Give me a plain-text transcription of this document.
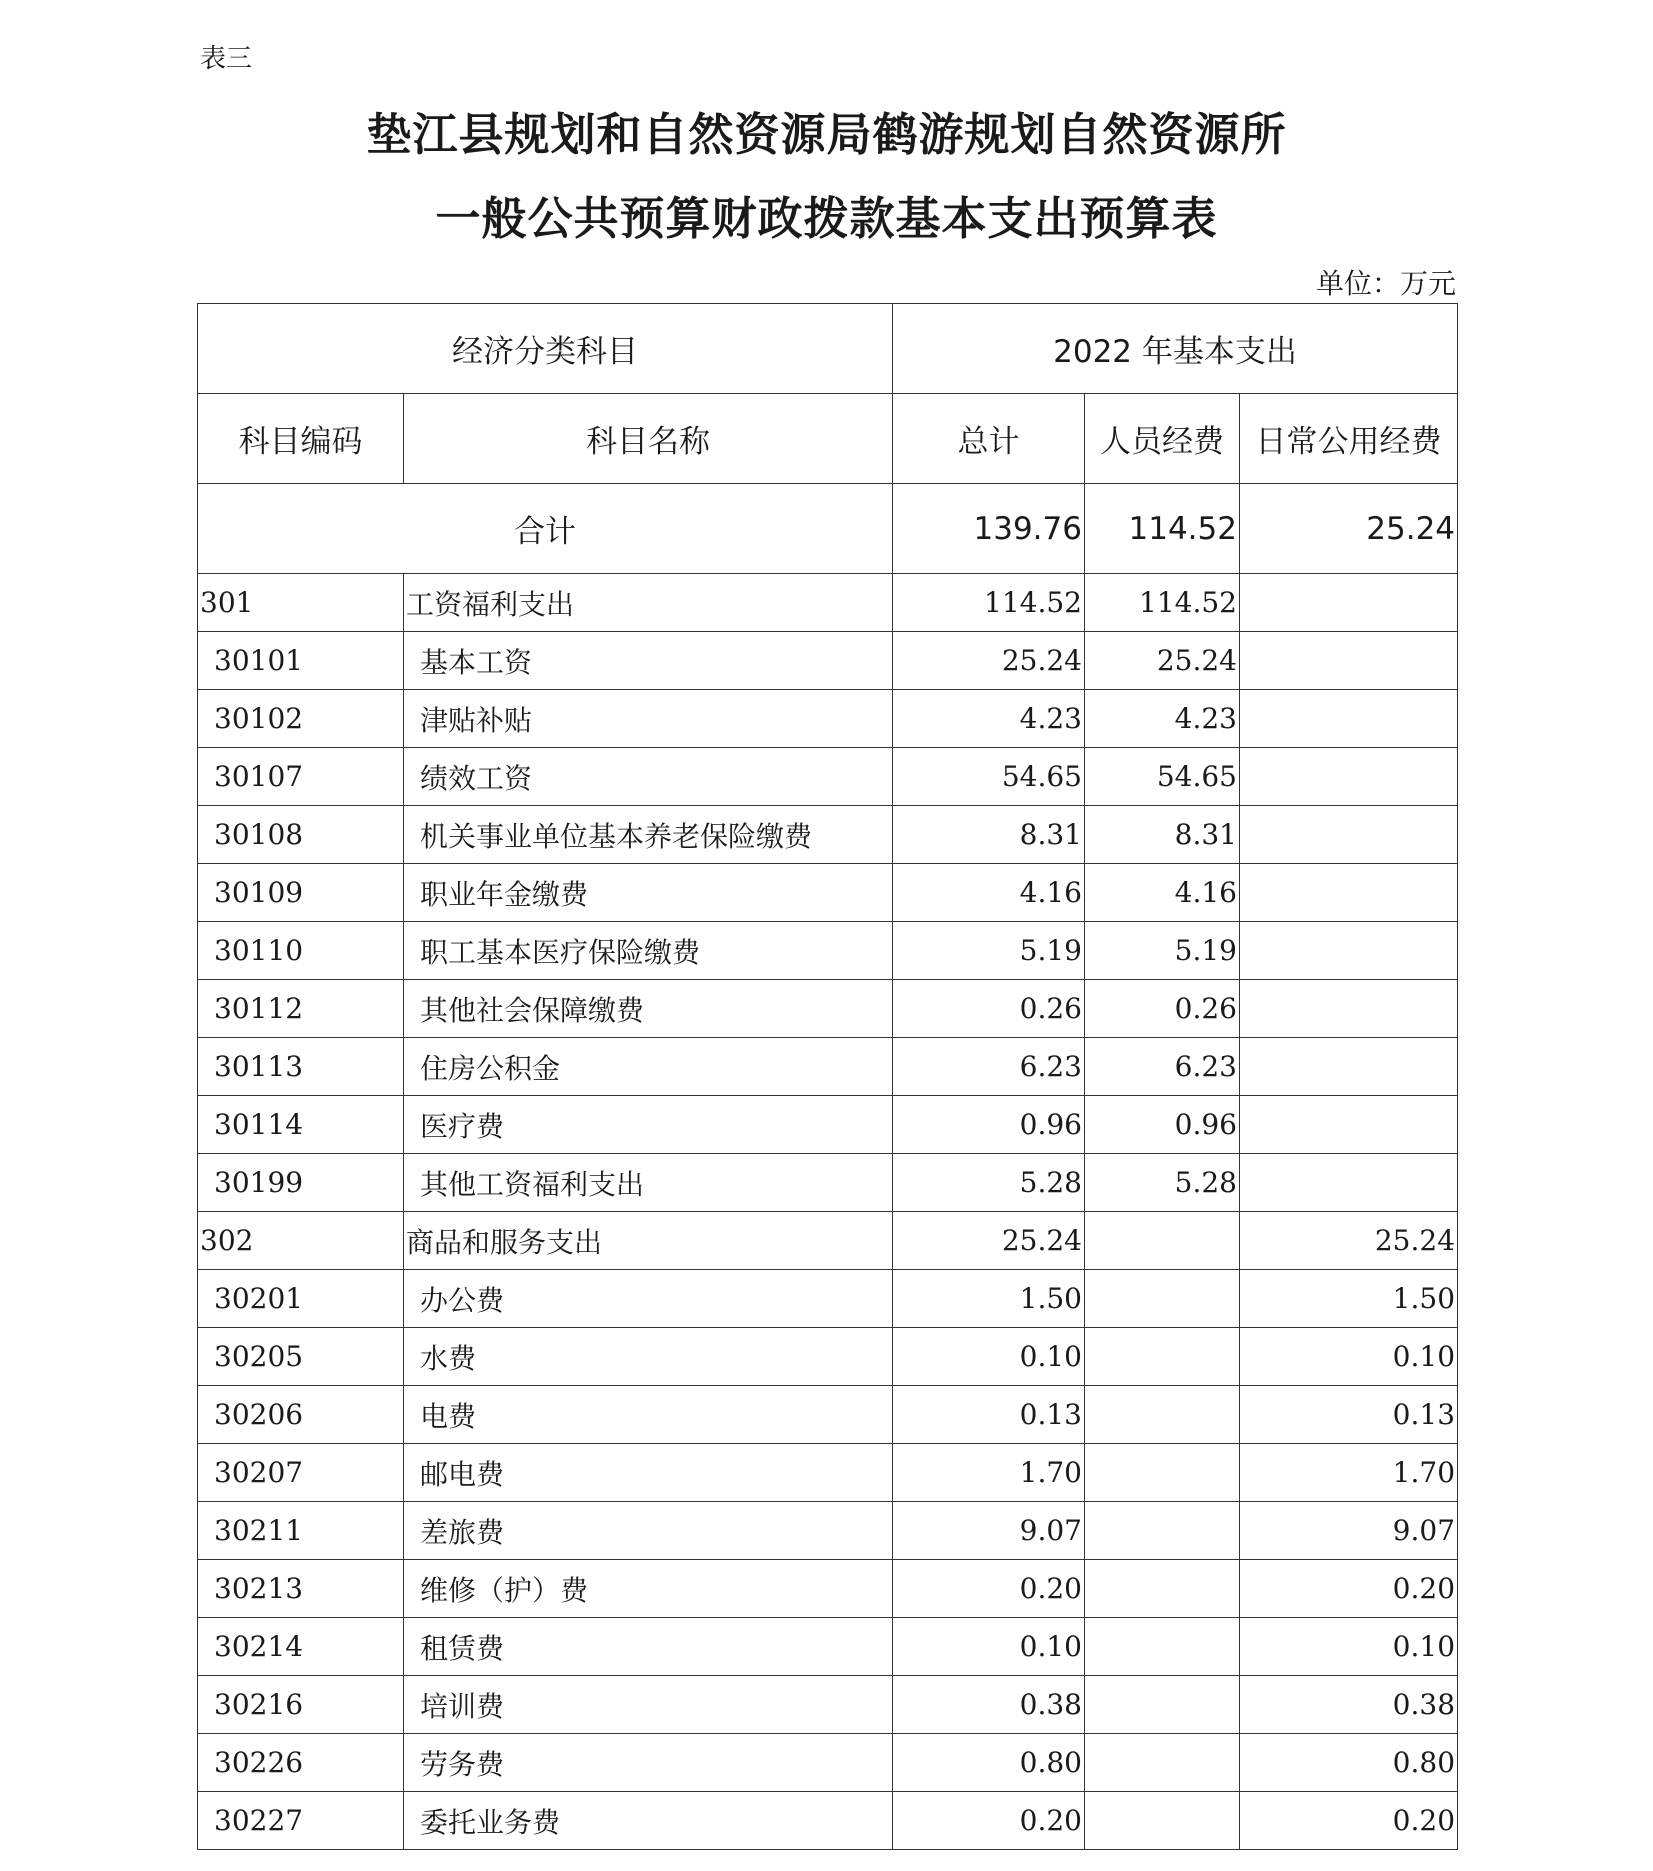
表三
垫江县规划和自然资源局鹤游规划自然资源所
一般公共预算财政拨款基本支出预算表
单位：万元
经济分类科目		2022 年基本支出		
科目编码	科目名称	总计	人员经费	日常公用经费
合计		139.76	114.52	25.24
301	工资福利支出	114.52	114.52	
30101	基本工资	25.24	25.24	
30102	津贴补贴	4.23	4.23	
30107	绩效工资	54.65	54.65	
30108	机关事业单位基本养老保险缴费	8.31	8.31	
30109	职业年金缴费	4.16	4.16	
30110	职工基本医疗保险缴费	5.19	5.19	
30112	其他社会保障缴费	0.26	0.26	
30113	住房公积金	6.23	6.23	
30114	医疗费	0.96	0.96	
30199	其他工资福利支出	5.28	5.28	
302	商品和服务支出	25.24		25.24
30201	办公费	1.50		1.50
30205	水费	0.10		0.10
30206	电费	0.13		0.13
30207	邮电费	1.70		1.70
30211	差旅费	9.07		9.07
30213	维修（护）费	0.20		0.20
30214	租赁费	0.10		0.10
30216	培训费	0.38		0.38
30226	劳务费	0.80		0.80
30227	委托业务费	0.20		0.20
